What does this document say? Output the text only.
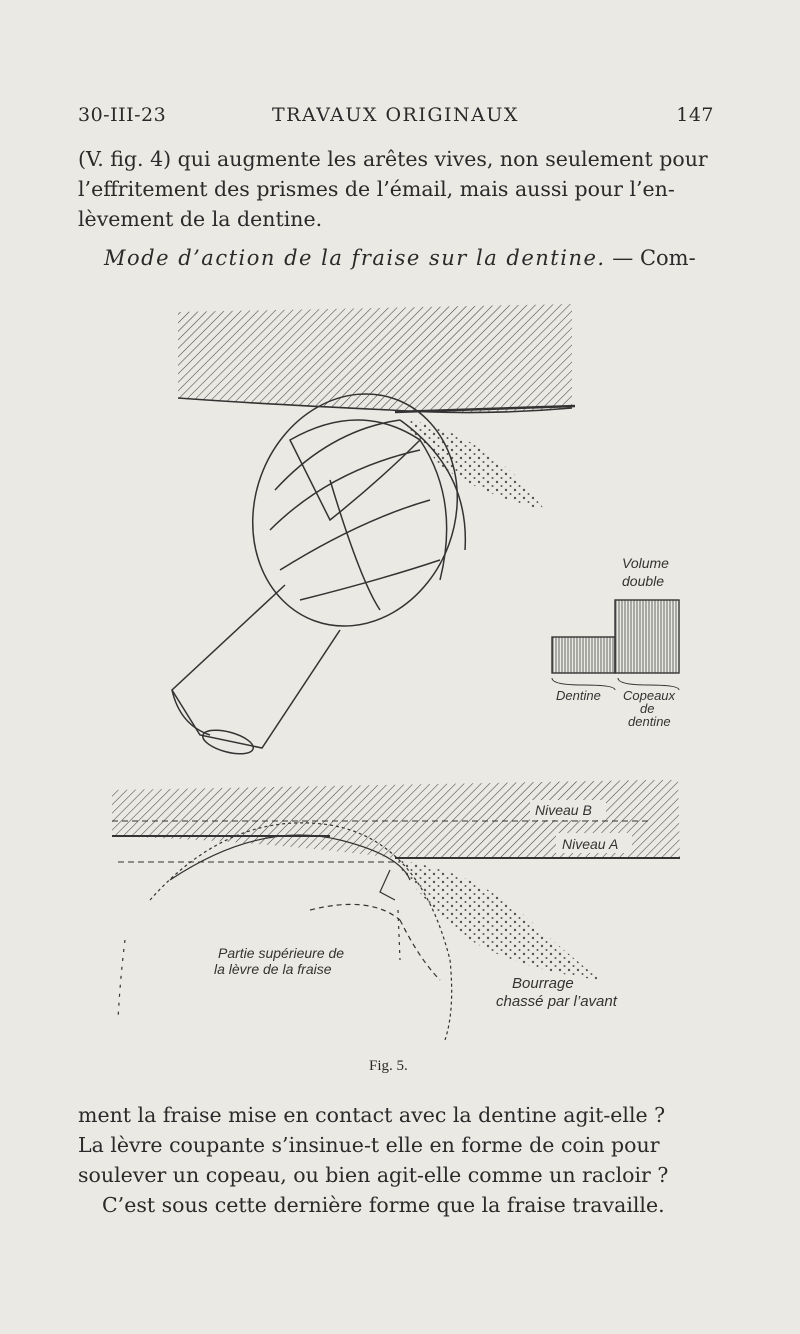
30-III-23	TRAVAUX ORIGINAUX	147
(V. fig. 4) qui augmente les arêtes vives, non seulement pour
l’effritement des prismes de l’émail, mais aussi pour l’en-
lèvement de la dentine.
Mode d’action de la fraise sur la dentine. — Com-
Volume
double
Dentine Copeaux
de
dentine
Niveau B
Niveau A
Partie supérieure de
la lèvre de la fraise
Bourrage
chassé par l’avant
Fig. 5.
ment la fraise mise en contact avec la dentine agit-elle ?
La lèvre coupante s’insinue-t elle en forme de coin pour
soulever un copeau, ou bien agit-elle comme un racloir ?
C’est sous cette dernière forme que la fraise travaille.
